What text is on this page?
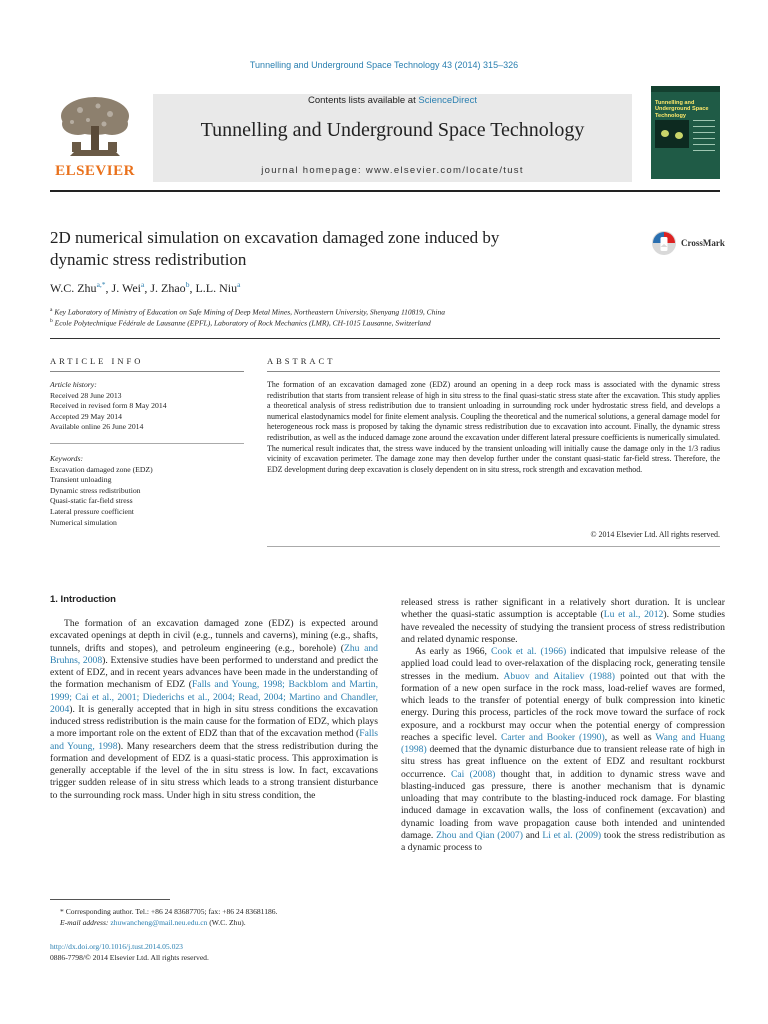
Tunnelling and Underground Space Technology 43 (2014) 315–326
ELSEVIER
Contents lists available at ScienceDirect
Tunnelling and Underground Space Technology
journal homepage: www.elsevier.com/locate/tust
Tunnelling and
Underground Space
Technology
2D numerical simulation on excavation damaged zone induced by
dynamic stress redistribution
CrossMark
W.C. Zhu$^{a,*}$, J. Wei$^a$, J. Zhao$^b$, L.L. Niu$^a$
$^a$ Key Laboratory of Ministry of Education on Safe Mining of Deep Metal Mines, Northeastern University, Shenyang 110819, China
$^b$ Ecole Polytechnique Fédérale de Lausanne (EPFL), Laboratory of Rock Mechanics (LMR), CH-1015 Lausanne, Switzerland
ARTICLE INFO	ABSTRACT
Article history:
Received 28 June 2013
Received in revised form 8 May 2014
Accepted 29 May 2014
Available online 26 June 2014
Keywords:
Excavation damaged zone (EDZ)
Transient unloading
Dynamic stress redistribution
Quasi-static far-field stress
Lateral pressure coefficient
Numerical simulation
The formation of an excavation damaged zone (EDZ) around an opening in a deep rock mass is associated with the dynamic stress redistribution that starts from transient release of high in situ stress to the final quasi-static stress state after the excavation. This study applies a theoretical analysis of stress redistribution due to transient unloading in surrounding rock under hydrostatic stress field, and develops a numerical elastodynamics model for finite element analysis. Coupling the theoretical and the numerical solutions, a general damage model for heterogeneous rock mass is proposed by taking the dynamic stress redistribution due to excavation into account. Finally, the dynamic stress redistribution, as well as the induced damage zone around the excavation under different lateral pressure coefficients is numerically simulated. The numerical result indicates that, the stress wave induced by the transient unloading will initially cause the damage only in the 1/3 radius vicinity of excavation perimeter. The damage zone may then develop further under the constant quasi-static far-field stress. Therefore, the EDZ development during deep excavation is closely dependent on in situ stress, rock strength and excavation method.
© 2014 Elsevier Ltd. All rights reserved.
1. Introduction
The formation of an excavation damaged zone (EDZ) is expected around excavated openings at depth in civil (e.g., tunnels and caverns), mining (e.g., shafts, tunnels, drifts and stopes), and petroleum engineering (e.g., borehole) (Zhu and Bruhns, 2008). Extensive studies have been performed to understand and predict the extent of EDZ, and in recent years advances have been made in the understanding of the formation mechanism of EDZ (Falls and Young, 1998; Backblom and Martin, 1999; Cai et al., 2001; Diederichs et al., 2004; Read, 2004; Martino and Chandler, 2004). It is generally accepted that in high in situ stress conditions the excavation induced stress redistribution is the main cause for the formation of EDZ, which plays a more important role on the extent of EDZ than that of the excavation method (Falls and Young, 1998). Many researchers deem that the stress redistribution during the formation and development of EDZ is a quasi-static process. This approximation is generally acceptable if the level of the in situ stress is low. In fact, excavations trigger sudden release of in situ stress which leads to a strong transient disturbance to the surrounding rock mass. Under high in situ stress condition, the

released stress is rather significant in a relatively short duration. It is unclear whether the quasi-static assumption is acceptable (Lu et al., 2012). Some studies have revealed the necessity of studying the transient process of stress redistribution and related dynamic response.

As early as 1966, Cook et al. (1966) indicated that impulsive release of the applied load could lead to over-relaxation of the displacing rock, generating tensile stresses in the medium. Abuov and Aitaliev (1988) pointed out that with the formation of a new open surface in the rock mass, load-relief waves are formed, which leads to the transfer of potential energy of bulk compression into kinetic energy. During this process, particles of the rock move toward the surface of rock exposure, and a rockburst may occur when the potential energy of compression reaches a specific level. Carter and Booker (1990), as well as Wang and Huang (1998) deemed that the dynamic disturbance due to transient release rate of high in situ stress has great influence on the extent of EDZ and resultant rockburst occurrence. Cai (2008) thought that, in addition to dynamic stress wave and blasting-induced gas pressure, there is another mechanism that is dynamic unloading that may contribute to the blasting-induced rock damage. For blasting induced damage in excavation walls, the loss of confinement (excavation) and dynamic loading from wave propagation cause both intended and unintended damage. Zhou and Qian (2007) and Li et al. (2009) took the stress redistribution as a dynamic process to

* Corresponding author. Tel.: +86 24 83687705; fax: +86 24 83681186.
E-mail address: zhuwancheng@mail.neu.edu.cn (W.C. Zhu).
http://dx.doi.org/10.1016/j.tust.2014.05.023
0886-7798/© 2014 Elsevier Ltd. All rights reserved.
